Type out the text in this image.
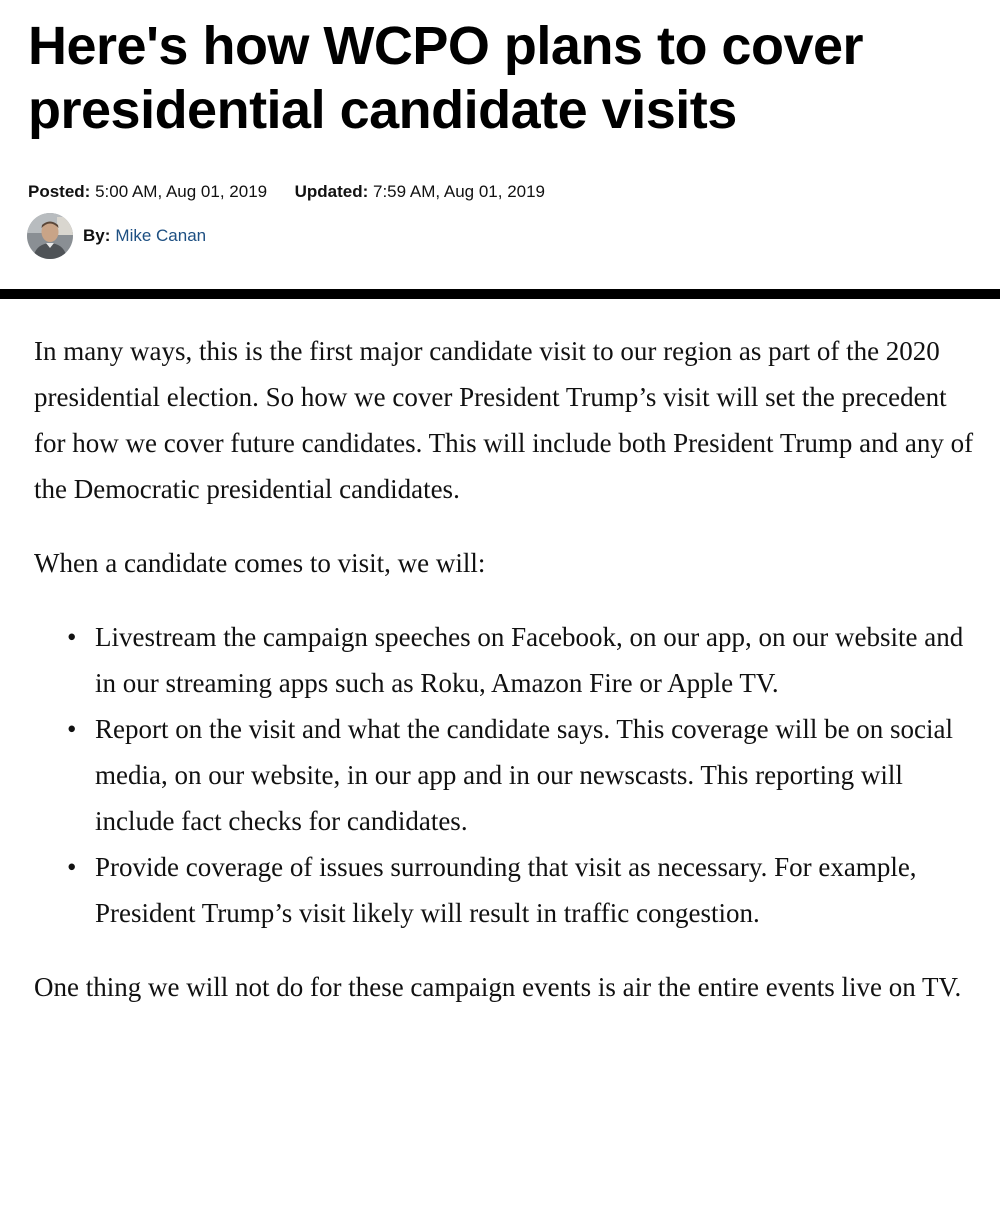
Here's how WCPO plans to cover presidential candidate visits
Posted: 5:00 AM, Aug 01, 2019 Updated: 7:59 AM, Aug 01, 2019
By: Mike Canan

In many ways, this is the first major candidate visit to our region as part of the 2020 presidential election. So how we cover President Trump’s visit will set the precedent for how we cover future candidates. This will include both President Trump and any of the Democratic presidential candidates.

When a candidate comes to visit, we will:

• Livestream the campaign speeches on Facebook, on our app, on our website and in our streaming apps such as Roku, Amazon Fire or Apple TV.
• Report on the visit and what the candidate says. This coverage will be on social media, on our website, in our app and in our newscasts. This reporting will include fact checks for candidates.
• Provide coverage of issues surrounding that visit as necessary. For example, President Trump’s visit likely will result in traffic congestion.

One thing we will not do for these campaign events is air the entire events live on TV.
